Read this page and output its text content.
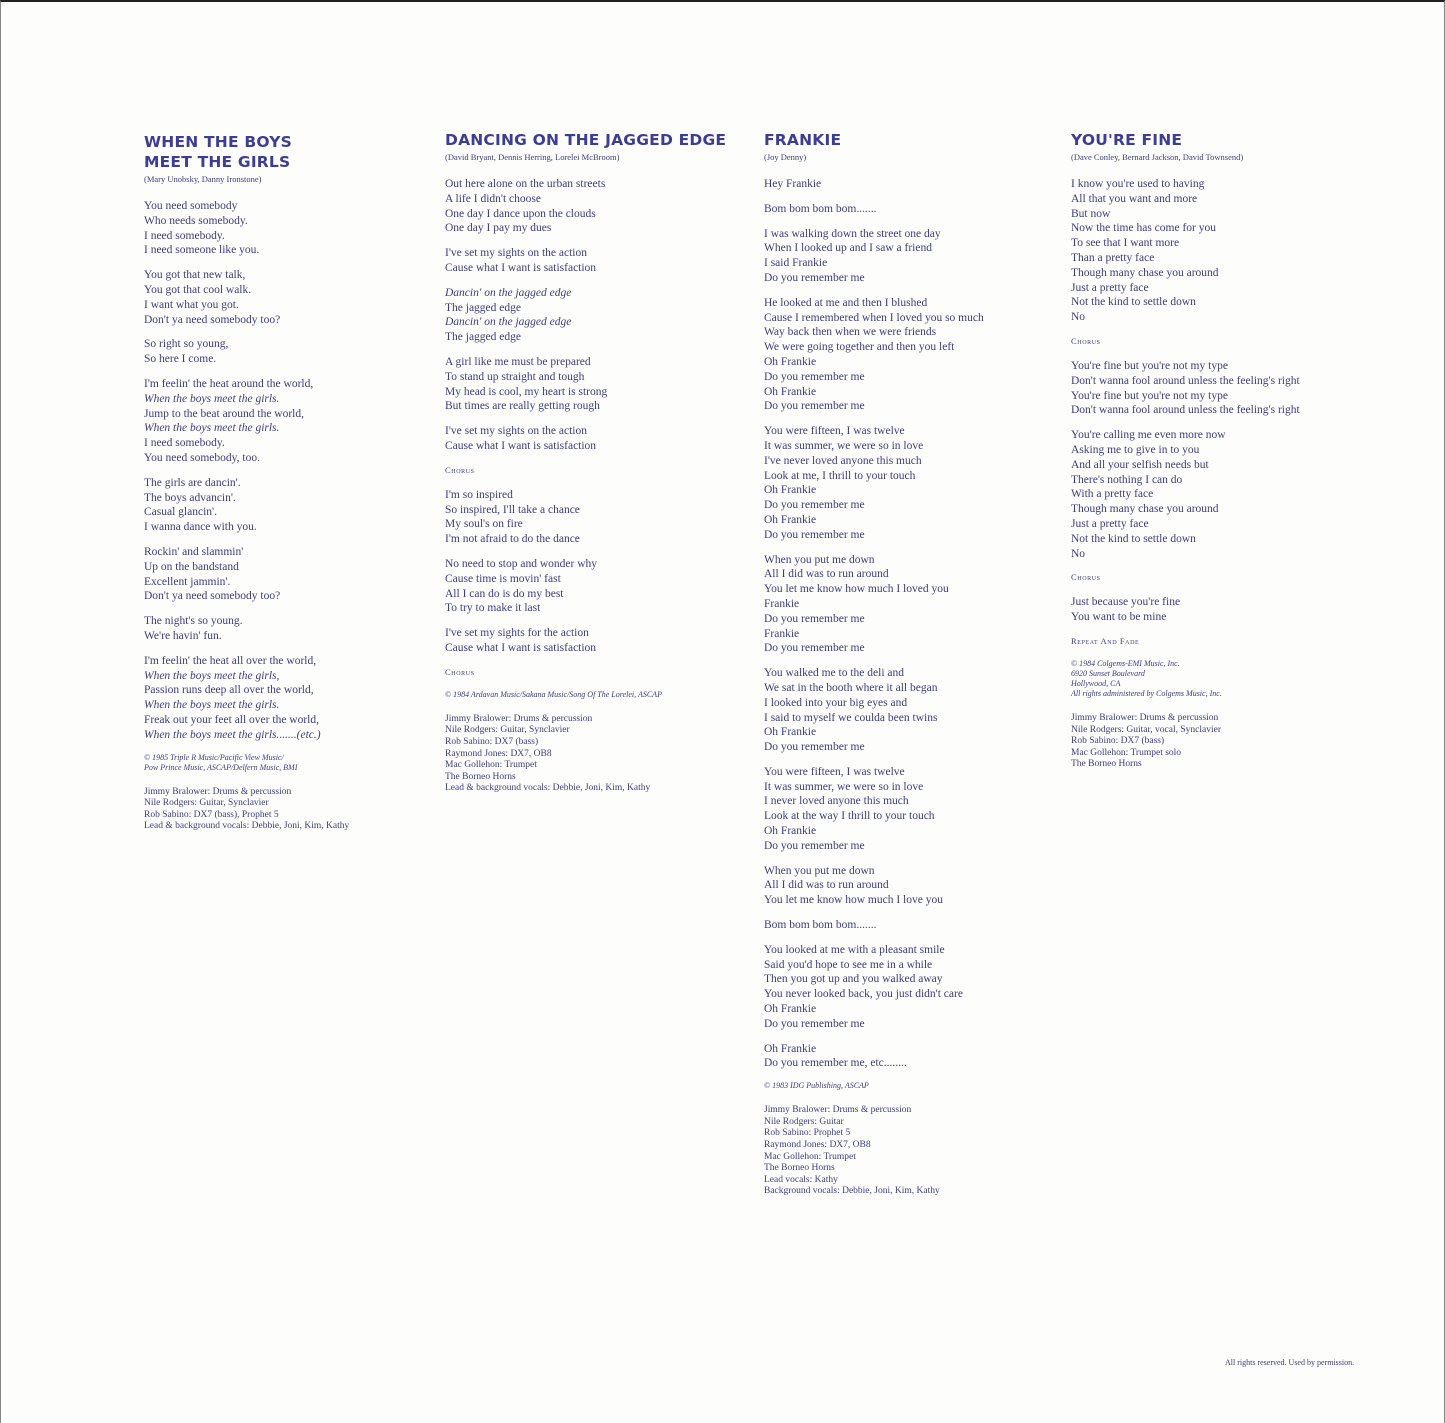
WHEN THE BOYS
MEET THE GIRLS
(Mary Unobsky, Danny Ironstone)
You need somebody
Who needs somebody.
I need somebody.
I need someone like you.
You got that new talk,
You got that cool walk.
I want what you got.
Don't ya need somebody too?
So right so young,
So here I come.
I'm feelin' the heat around the world,
When the boys meet the girls.
Jump to the beat around the world,
When the boys meet the girls.
I need somebody.
You need somebody, too.
The girls are dancin'.
The boys advancin'.
Casual glancin'.
I wanna dance with you.
Rockin' and slammin'
Up on the bandstand
Excellent jammin'.
Don't ya need somebody too?
The night's so young.
We're havin' fun.
I'm feelin' the heat all over the world,
When the boys meet the girls,
Passion runs deep all over the world,
When the boys meet the girls.
Freak out your feet all over the world,
When the boys meet the girls.......(etc.)
© 1985 Triple R Music/Pacific View Music/
Pow Prince Music, ASCAP/Delfern Music, BMI
Jimmy Bralower: Drums & percussion
Nile Rodgers: Guitar, Synclavier
Rob Sabino: DX7 (bass), Prophet 5
Lead & background vocals: Debbie, Joni, Kim, Kathy
DANCING ON THE JAGGED EDGE
(David Bryant, Dennis Herring, Lorelei McBroom)
Out here alone on the urban streets
A life I didn't choose
One day I dance upon the clouds
One day I pay my dues
I've set my sights on the action
Cause what I want is satisfaction
Dancin' on the jagged edge
The jagged edge
Dancin' on the jagged edge
The jagged edge
A girl like me must be prepared
To stand up straight and tough
My head is cool, my heart is strong
But times are really getting rough
I've set my sights on the action
Cause what I want is satisfaction
Chorus
I'm so inspired
So inspired, I'll take a chance
My soul's on fire
I'm not afraid to do the dance
No need to stop and wonder why
Cause time is movin' fast
All I can do is do my best
To try to make it last
I've set my sights for the action
Cause what I want is satisfaction
Chorus
© 1984 Ardavan Music/Sakana Music/Song Of The Lorelei, ASCAP
Jimmy Bralower: Drums & percussion
Nile Rodgers: Guitar, Synclavier
Rob Sabino: DX7 (bass)
Raymond Jones: DX7, OB8
Mac Gollehon: Trumpet
The Borneo Horns
Lead & background vocals: Debbie, Joni, Kim, Kathy
FRANKIE
(Joy Denny)
Hey Frankie
Bom bom bom bom.......
I was walking down the street one day
When I looked up and I saw a friend
I said Frankie
Do you remember me
He looked at me and then I blushed
Cause I remembered when I loved you so much
Way back then when we were friends
We were going together and then you left
Oh Frankie
Do you remember me
Oh Frankie
Do you remember me
You were fifteen, I was twelve
It was summer, we were so in love
I've never loved anyone this much
Look at me, I thrill to your touch
Oh Frankie
Do you remember me
Oh Frankie
Do you remember me
When you put me down
All I did was to run around
You let me know how much I loved you
Frankie
Do you remember me
Frankie
Do you remember me
You walked me to the deli and
We sat in the booth where it all began
I looked into your big eyes and
I said to myself we coulda been twins
Oh Frankie
Do you remember me
You were fifteen, I was twelve
It was summer, we were so in love
I never loved anyone this much
Look at the way I thrill to your touch
Oh Frankie
Do you remember me
When you put me down
All I did was to run around
You let me know how much I love you
Bom bom bom bom.......
You looked at me with a pleasant smile
Said you'd hope to see me in a while
Then you got up and you walked away
You never looked back, you just didn't care
Oh Frankie
Do you remember me
Oh Frankie
Do you remember me, etc........
© 1983 IDG Publishing, ASCAP
Jimmy Bralower: Drums & percussion
Nile Rodgers: Guitar
Rob Sabino: Prophet 5
Raymond Jones: DX7, OB8
Mac Gollehon: Trumpet
The Borneo Horns
Lead vocals: Kathy
Background vocals: Debbie, Joni, Kim, Kathy
YOU'RE FINE
(Dave Conley, Bernard Jackson, David Townsend)
I know you're used to having
All that you want and more
But now
Now the time has come for you
To see that I want more
Than a pretty face
Though many chase you around
Just a pretty face
Not the kind to settle down
No
Chorus
You're fine but you're not my type
Don't wanna fool around unless the feeling's right
You're fine but you're not my type
Don't wanna fool around unless the feeling's right
You're calling me even more now
Asking me to give in to you
And all your selfish needs but
There's nothing I can do
With a pretty face
Though many chase you around
Just a pretty face
Not the kind to settle down
No
Chorus
Just because you're fine
You want to be mine
Repeat And Fade
© 1984 Colgems-EMI Music, Inc.
6920 Sunset Boulevard
Hollywood, CA
All rights administered by Colgems Music, Inc.
Jimmy Bralower: Drums & percussion
Nile Rodgers: Guitar, vocal, Synclavier
Rob Sabino: DX7 (bass)
Mac Gollehon: Trumpet solo
The Borneo Horns
All rights reserved. Used by permission.
